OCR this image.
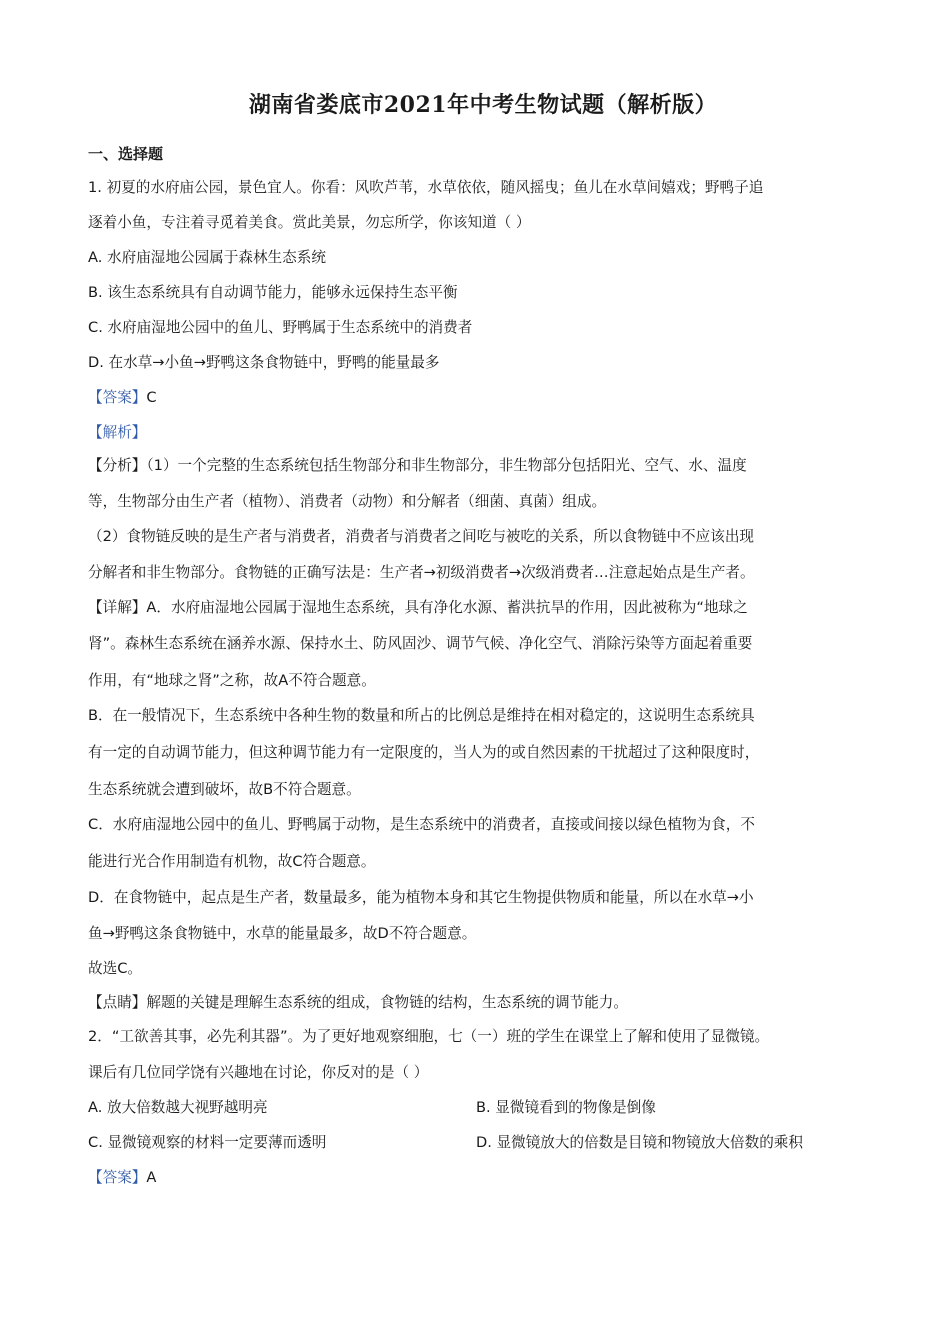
湖南省娄底市2021年中考生物试题（解析版）
一、选择题
1. 初夏的水府庙公园，景色宜人。你看：风吹芦苇，水草依依，随风摇曳；鱼儿在水草间嬉戏；野鸭子追
逐着小鱼，专注着寻觅着美食。赏此美景，勿忘所学，你该知道（ ）
A. 水府庙湿地公园属于森林生态系统
B. 该生态系统具有自动调节能力，能够永远保持生态平衡
C. 水府庙湿地公园中的鱼儿、野鸭属于生态系统中的消费者
D. 在水草→小鱼→野鸭这条食物链中，野鸭的能量最多
【答案】C
【解析】
【分析】（1）一个完整的生态系统包括生物部分和非生物部分，非生物部分包括阳光、空气、水、温度
等，生物部分由生产者（植物）、消费者（动物）和分解者（细菌、真菌）组成。
（2）食物链反映的是生产者与消费者，消费者与消费者之间吃与被吃的关系，所以食物链中不应该出现
分解者和非生物部分。食物链的正确写法是：生产者→初级消费者→次级消费者…注意起始点是生产者。
【详解】A．水府庙湿地公园属于湿地生态系统，具有净化水源、蓄洪抗旱的作用，因此被称为“地球之
肾”。森林生态系统在涵养水源、保持水土、防风固沙、调节气候、净化空气、消除污染等方面起着重要
作用，有“地球之肾”之称，故A不符合题意。
B．在一般情况下，生态系统中各种生物的数量和所占的比例总是维持在相对稳定的，这说明生态系统具
有一定的自动调节能力，但这种调节能力有一定限度的，当人为的或自然因素的干扰超过了这种限度时，
生态系统就会遭到破坏，故B不符合题意。
C．水府庙湿地公园中的鱼儿、野鸭属于动物，是生态系统中的消费者，直接或间接以绿色植物为食，不
能进行光合作用制造有机物，故C符合题意。
D．在食物链中，起点是生产者，数量最多，能为植物本身和其它生物提供物质和能量，所以在水草→小
鱼→野鸭这条食物链中，水草的能量最多，故D不符合题意。
故选C。
【点睛】解题的关键是理解生态系统的组成，食物链的结构，生态系统的调节能力。
2．“工欲善其事，必先利其器”。为了更好地观察细胞，七（一）班的学生在课堂上了解和使用了显微镜。
课后有几位同学饶有兴趣地在讨论，你反对的是（ ）
A. 放大倍数越大视野越明亮	B. 显微镜看到的物像是倒像
C. 显微镜观察的材料一定要薄而透明	D. 显微镜放大的倍数是目镜和物镜放大倍数的乘积
【答案】A
